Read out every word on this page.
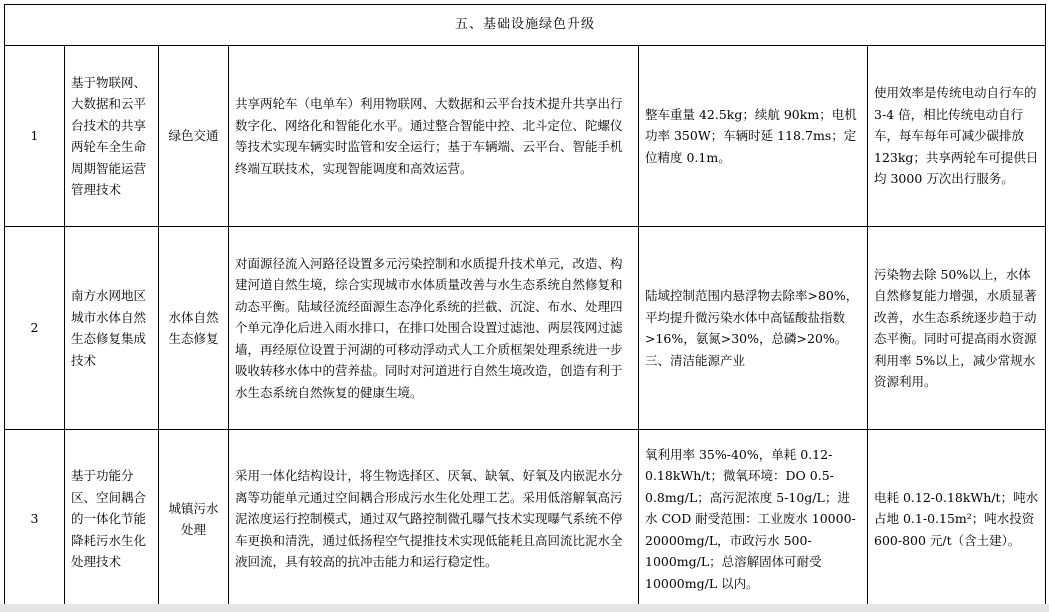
五、基础设施绿色升级					
1	基于物联网、大数据和云平台技术的共享两轮车全生命周期智能运营管理技术	绿色交通	共享两轮车（电单车）利用物联网、大数据和云平台技术提升共享出行数字化、网络化和智能化水平。通过整合智能中控、北斗定位、陀螺仪等技术实现车辆实时监管和安全运行；基于车辆端、云平台、智能手机终端互联技术，实现智能调度和高效运营。	整车重量 42.5kg；续航 90km；电机功率 350W；车辆时延 118.7ms；定位精度 0.1m。	使用效率是传统电动自行车的 3-4 倍，相比传统电动自行车，每车每年可减少碳排放 123kg；共享两轮车可提供日均 3000 万次出行服务。
2	南方水网地区城市水体自然生态修复集成技术	水体自然生态修复	对面源径流入河路径设置多元污染控制和水质提升技术单元，改造、构建河道自然生境，综合实现城市水体质量改善与水生态系统自然修复和动态平衡。陆域径流经面源生态净化系统的拦截、沉淀、布水、处理四个单元净化后进入雨水排口，在排口处围合设置过滤池、两层筏网过滤墙，再经原位设置于河湖的可移动浮动式人工介质框架处理系统进一步吸收转移水体中的营养盐。同时对河道进行自然生境改造，创造有利于水生态系统自然恢复的健康生境。	陆域控制范围内悬浮物去除率>80%，平均提升微污染水体中高锰酸盐指数>16%，氨氮>30%，总磷>20%。三、清洁能源产业	污染物去除 50%以上，水体自然修复能力增强，水质显著改善，水生态系统逐步趋于动态平衡。同时可提高雨水资源利用率 5%以上，减少常规水资源利用。
3	基于功能分区、空间耦合的一体化节能降耗污水生化处理技术	城镇污水处理	采用一体化结构设计，将生物选择区、厌氧、缺氧、好氧及内嵌泥水分离等功能单元通过空间耦合形成污水生化处理工艺。采用低溶解氧高污泥浓度运行控制模式，通过双气路控制微孔曝气技术实现曝气系统不停车更换和清洗，通过低扬程空气提推技术实现低能耗且高回流比泥水全液回流，具有较高的抗冲击能力和运行稳定性。	氧利用率 35%-40%，单耗 0.12-0.18kWh/t；微氧环境：DO 0.5-0.8mg/L；高污泥浓度 5-10g/L；进水 COD 耐受范围：工业废水 10000-20000mg/L，市政污水 500-1000mg/L；总溶解固体可耐受 10000mg/L 以内。	电耗 0.12-0.18kWh/t；吨水占地 0.1-0.15m²；吨水投资 600-800 元/t（含土建）。
